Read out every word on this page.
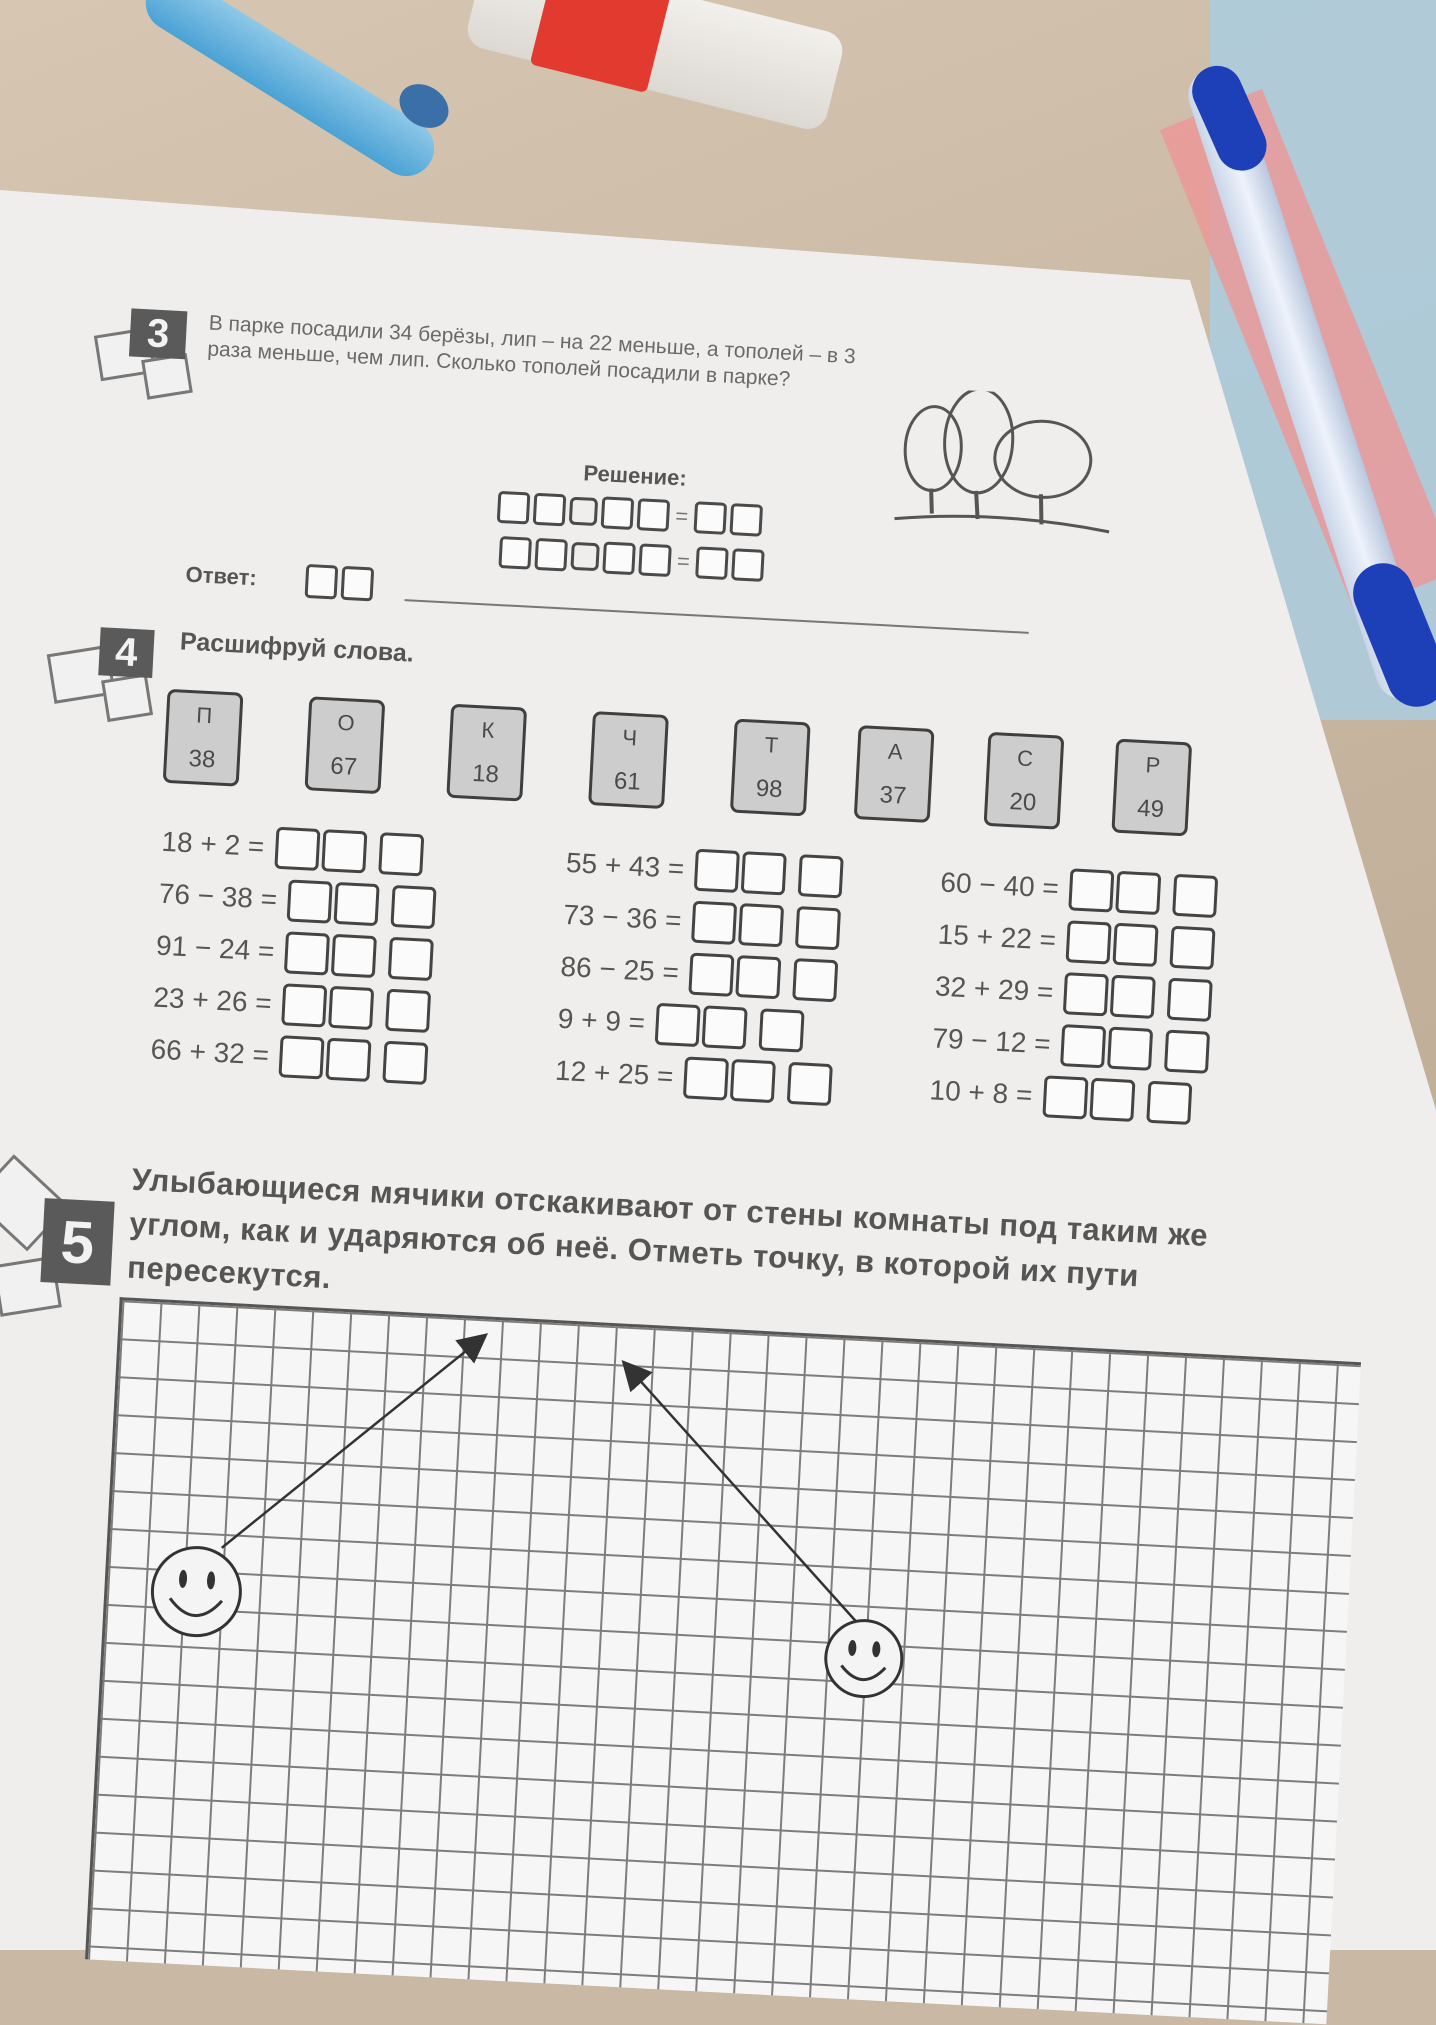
3	В парке посадили 34 берёзы, лип – на 22 меньше, а тополей – в 3 раза меньше, чем лип. Сколько тополей посадили в парке?
Решение:
=
=
Ответ:
4	Расшифруй слова.
П
38
О
67
К
18
Ч
61
Т
98
А
37
С
20
Р
49
18 + 2 =
76 − 38 =
91 − 24 =
23 + 26 =
66 + 32 =
55 + 43 =
73 − 36 =
86 − 25 =
9 + 9 =
12 + 25 =
60 − 40 =
15 + 22 =
32 + 29 =
79 − 12 =
10 + 8 =
5	Улыбающиеся мячики отскакивают от стены комнаты под таким же углом, как и ударяются об неё. Отметь точку, в которой их пути пересекутся.
